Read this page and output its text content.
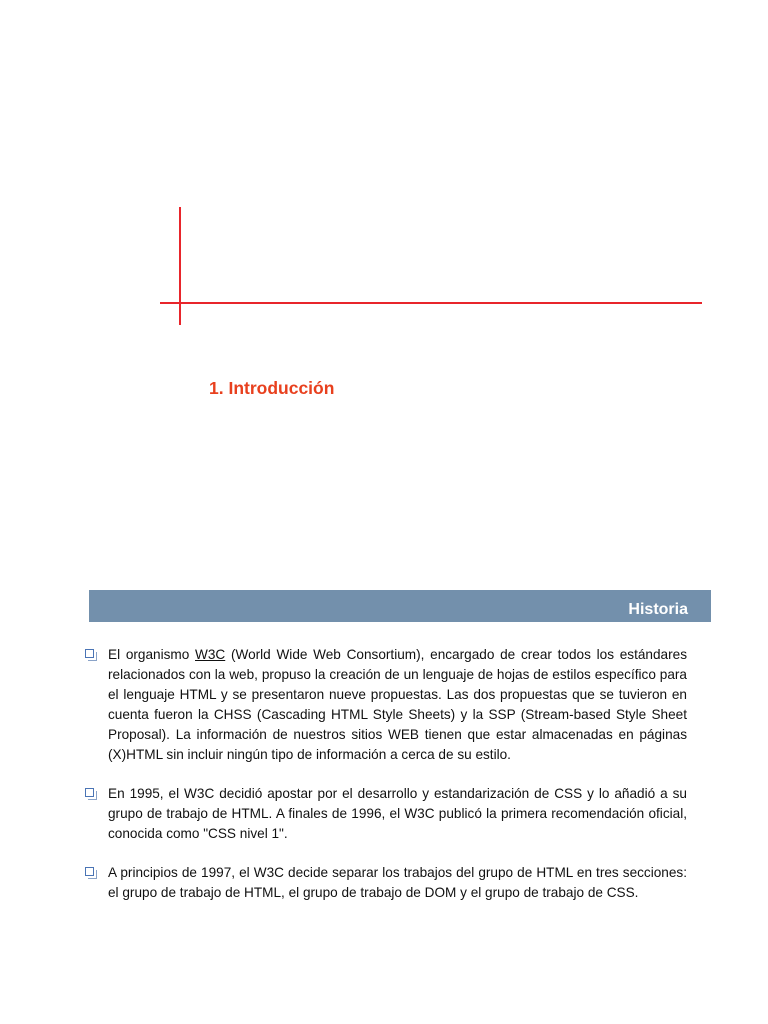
1. Introducción
Historia
El organismo W3C (World Wide Web Consortium), encargado de crear todos los estándares relacionados con la web, propuso la creación de un lenguaje de hojas de estilos específico para el lenguaje HTML y se presentaron nueve propuestas. Las dos propuestas que se tuvieron en cuenta fueron la CHSS (Cascading HTML Style Sheets) y la SSP (Stream-based Style Sheet Proposal). La información de nuestros sitios WEB tienen que estar almacenadas en páginas (X)HTML sin incluir ningún tipo de información a cerca de su estilo.
En 1995, el W3C decidió apostar por el desarrollo y estandarización de CSS y lo añadió a su grupo de trabajo de HTML. A finales de 1996, el W3C publicó la primera recomendación oficial, conocida como "CSS nivel 1".
A principios de 1997, el W3C decide separar los trabajos del grupo de HTML en tres secciones: el grupo de trabajo de HTML, el grupo de trabajo de DOM y el grupo de trabajo de CSS.
